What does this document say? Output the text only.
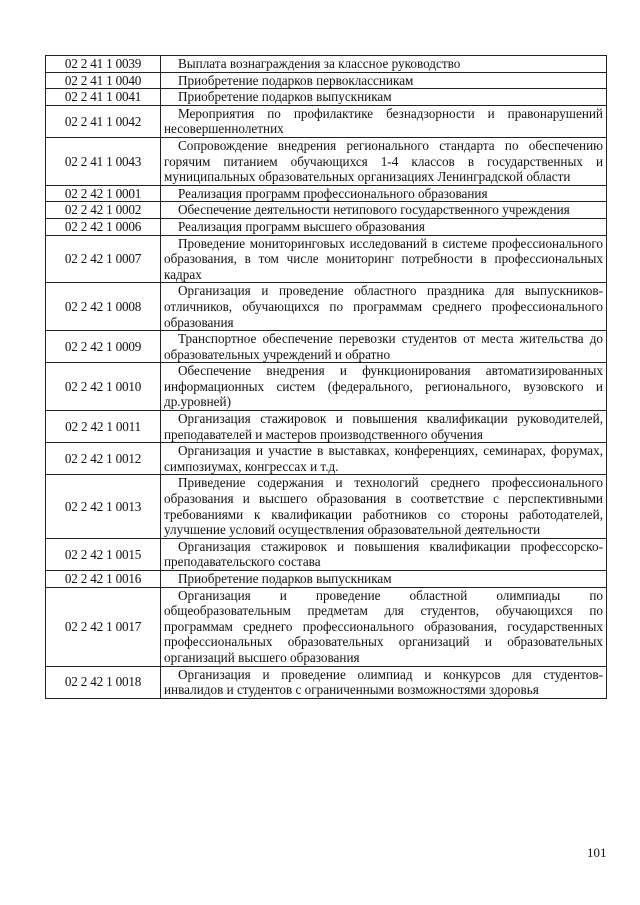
02 2 41 1 0039	Выплата вознаграждения за классное руководство
02 2 41 1 0040	Приобретение подарков первоклассникам
02 2 41 1 0041	Приобретение подарков выпускникам
02 2 41 1 0042	Мероприятия по профилактике безнадзорности и правонарушений несовершеннолетних
02 2 41 1 0043	Сопровождение внедрения регионального стандарта по обеспечению горячим питанием обучающихся 1-4 классов в государственных и муниципальных образовательных организациях Ленинградской области
02 2 42 1 0001	Реализация программ профессионального образования
02 2 42 1 0002	Обеспечение деятельности нетипового государственного учреждения
02 2 42 1 0006	Реализация программ высшего образования
02 2 42 1 0007	Проведение мониторинговых исследований в системе профессионального образования, в том числе мониторинг потребности в профессиональных кадрах
02 2 42 1 0008	Организация и проведение областного праздника для выпускников-отличников, обучающихся по программам среднего профессионального образования
02 2 42 1 0009	Транспортное обеспечение перевозки студентов от места жительства до образовательных учреждений и обратно
02 2 42 1 0010	Обеспечение внедрения и функционирования автоматизированных информационных систем (федерального, регионального, вузовского и др.уровней)
02 2 42 1 0011	Организация стажировок и повышения квалификации руководителей, преподавателей и мастеров производственного обучения
02 2 42 1 0012	Организация и участие в выставках, конференциях, семинарах, форумах, симпозиумах, конгрессах и т.д.
02 2 42 1 0013	Приведение содержания и технологий среднего профессионального образования и высшего образования в соответствие с перспективными требованиями к квалификации работников со стороны работодателей, улучшение условий осуществления образовательной деятельности
02 2 42 1 0015	Организация стажировок и повышения квалификации профессорско-преподавательского состава
02 2 42 1 0016	Приобретение подарков выпускникам
02 2 42 1 0017	Организация и проведение областной олимпиады по общеобразовательным предметам для студентов, обучающихся по программам среднего профессионального образования, государственных профессиональных образовательных организаций и образовательных организаций высшего образования
02 2 42 1 0018	Организация и проведение олимпиад и конкурсов для студентов-инвалидов и студентов с ограниченными возможностями здоровья
101
